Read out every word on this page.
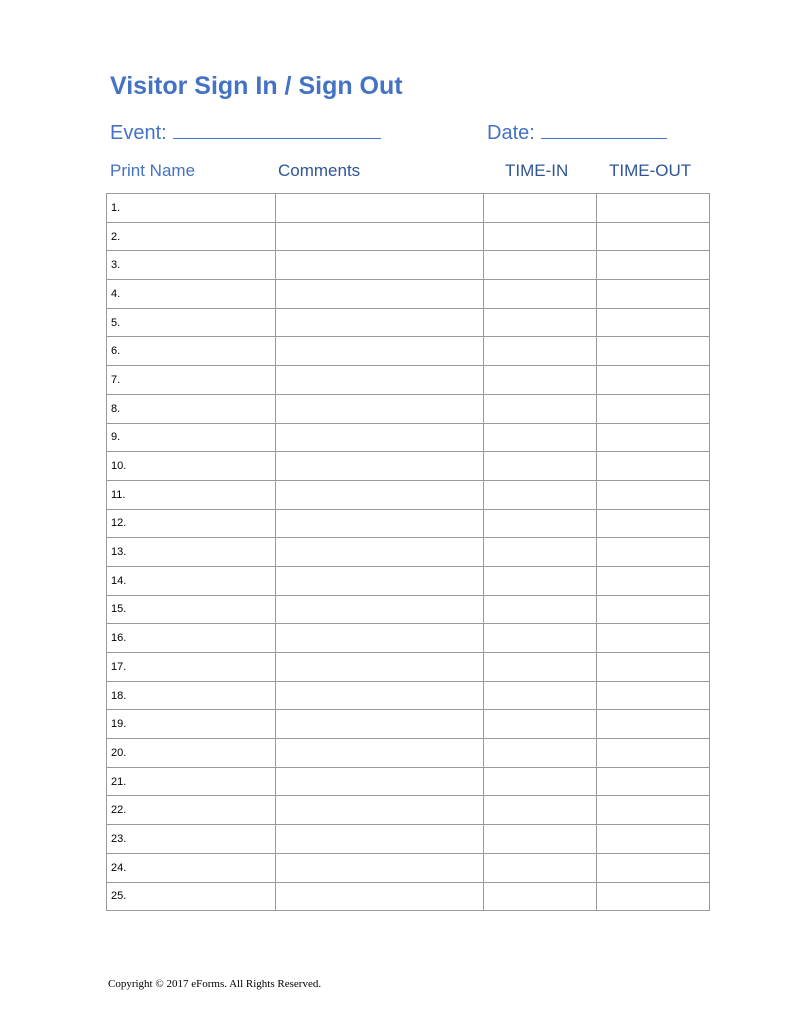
Visitor Sign In / Sign Out
Event:	Date:
Print Name	Comments	TIME-IN TIME-OUT
1.			
2.			
3.			
4.			
5.			
6.			
7.			
8.			
9.			
10.			
11.			
12.			
13.			
14.			
15.			
16.			
17.			
18.			
19.			
20.			
21.			
22.			
23.			
24.			
25.			
Copyright © 2017 eForms. All Rights Reserved.
